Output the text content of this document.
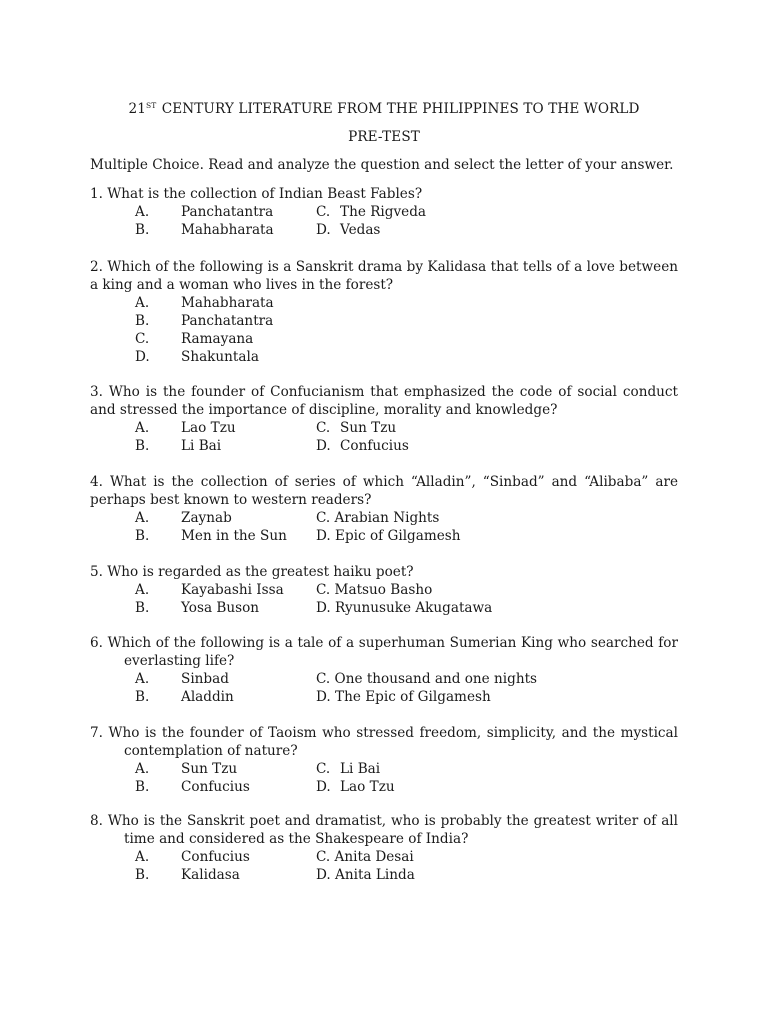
21ST CENTURY LITERATURE FROM THE PHILIPPINES TO THE WORLD
PRE-TEST
Multiple Choice. Read and analyze the question and select the letter of your answer.

1. What is the collection of Indian Beast Fables?

A. Panchatantra	C. The Rigveda
B. Mahabharata	D. Vedas

2. Which of the following is a Sanskrit drama by Kalidasa that tells of a love between a king and a woman who lives in the forest?

A. Mahabharata
B. Panchatantra
C. Ramayana
D. Shakuntala

3. Who is the founder of Confucianism that emphasized the code of social conduct and stressed the importance of discipline, morality and knowledge?

A. Lao Tzu	C. Sun Tzu
B. Li Bai	D. Confucius

4. What is the collection of series of which “Alladin”, “Sinbad” and “Alibaba” are perhaps best known to western readers?

A. Zaynab	C. Arabian Nights
B. Men in the Sun D. Epic of Gilgamesh

5. Who is regarded as the greatest haiku poet?

A. Kayabashi Issa C. Matsuo Basho
B. Yosa Buson	D. Ryunusuke Akugatawa

6. Which of the following is a tale of a superhuman Sumerian King who searched for everlasting life?

A. Sinbad	C. One thousand and one nights
B. Aladdin	D. The Epic of Gilgamesh

7. Who is the founder of Taoism who stressed freedom, simplicity, and the mystical contemplation of nature?

A. Sun Tzu	C. Li Bai
B. Confucius	D. Lao Tzu

8. Who is the Sanskrit poet and dramatist, who is probably the greatest writer of all time and considered as the Shakespeare of India?

A. Confucius	C. Anita Desai
B. Kalidasa	D. Anita Linda
